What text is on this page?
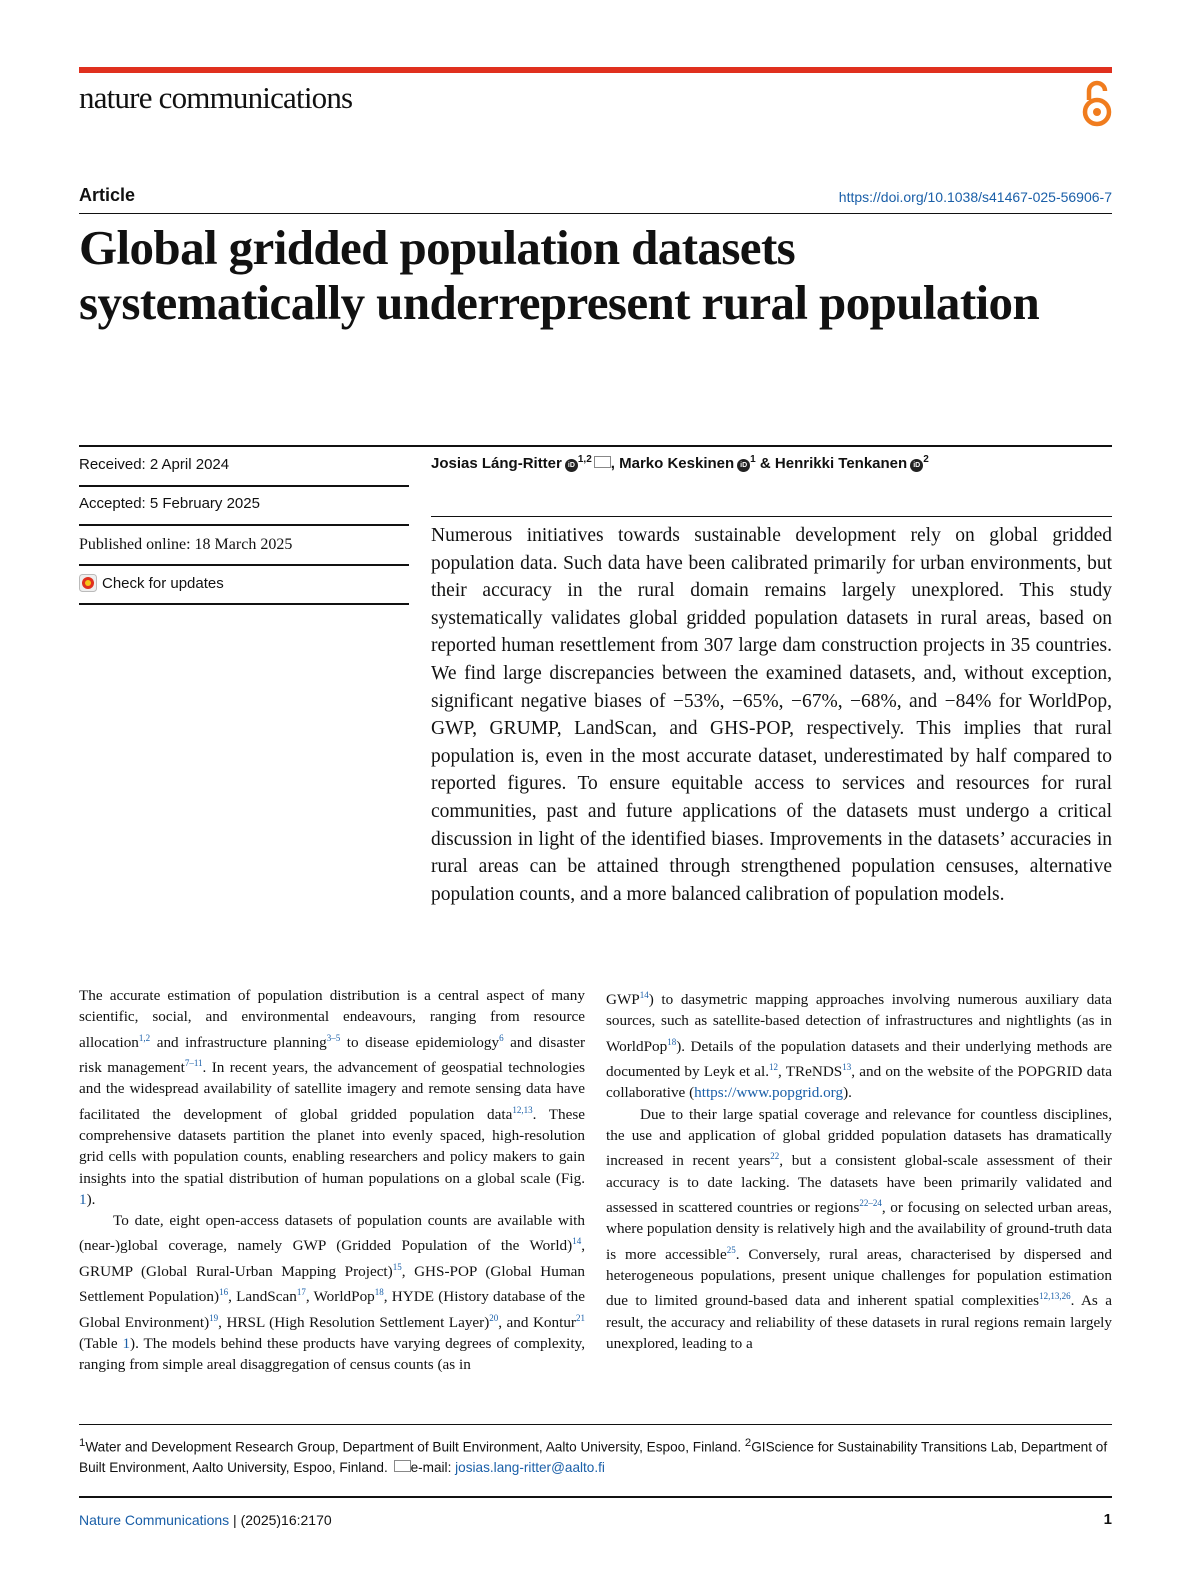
nature communications
Article	https://doi.org/10.1038/s41467-025-56906-7
Global gridded population datasets systematically underrepresent rural population
Received: 2 April 2024
Accepted: 5 February 2025
Published online: 18 March 2025
Check for updates
Josias Láng-Ritter iD$^{1,2}$ , Marko Keskinen $iD^1$ & Henrikki Tenkanen $iD^2$
Numerous initiatives towards sustainable development rely on global gridded population data. Such data have been calibrated primarily for urban environments, but their accuracy in the rural domain remains largely unexplored. This study systematically validates global gridded population datasets in rural areas, based on reported human resettlement from 307 large dam construction projects in 35 countries. We find large discrepancies between the examined datasets, and, without exception, significant negative biases of −53%, −65%, −67%, −68%, and −84% for WorldPop, GWP, GRUMP, LandScan, and GHS-POP, respectively. This implies that rural population is, even in the most accurate dataset, underestimated by half compared to reported figures. To ensure equitable access to services and resources for rural communities, past and future applications of the datasets must undergo a critical discussion in light of the identified biases. Improvements in the datasets’ accuracies in rural areas can be attained through strengthened population censuses, alternative population counts, and a more balanced calibration of population models.

The accurate estimation of population distribution is a central aspect of many scientific, social, and environmental endeavours, ranging from resource allocation$^{1,2}$ and infrastructure planning$^{3-5}$ to disease epidemiology$^6$ and disaster risk management$^{7-11}$. In recent years, the advancement of geospatial technologies and the widespread availability of satellite imagery and remote sensing data have facilitated the development of global gridded population data$^{12,13}$. These comprehensive datasets partition the planet into evenly spaced, high-resolution grid cells with population counts, enabling researchers and policy makers to gain insights into the spatial distribution of human populations on a global scale (Fig. 1).

To date, eight open-access datasets of population counts are available with (near-)global coverage, namely GWP (Gridded Population of the World)$^{14}$, GRUMP (Global Rural-Urban Mapping Project)$^{15}$, GHS-POP (Global Human Settlement Population)$^{16}$, LandScan$^{17}$, WorldPop$^{18}$, HYDE (History database of the Global Environment)$^{19}$, HRSL (High Resolution Settlement Layer)$^{20}$, and Kontur$^{21}$ (Table 1). The models behind these products have varying degrees of complexity, ranging from simple areal disaggregation of census counts (as in

GWP$^{14}$) to dasymetric mapping approaches involving numerous auxiliary data sources, such as satellite-based detection of infrastructures and nightlights (as in WorldPop$^{18}$). Details of the population datasets and their underlying methods are documented by Leyk et al.$^{12}$, TReNDS$^{13}$, and on the website of the POPGRID data collaborative (https://www.popgrid.org).

Due to their large spatial coverage and relevance for countless disciplines, the use and application of global gridded population datasets has dramatically increased in recent years$^{22}$, but a consistent global-scale assessment of their accuracy is to date lacking. The datasets have been primarily validated and assessed in scattered countries or regions$^{22-24}$, or focusing on selected urban areas, where population density is relatively high and the availability of ground-truth data is more accessible$^{25}$. Conversely, rural areas, characterised by dispersed and heterogeneous populations, present unique challenges for population estimation due to limited ground-based data and inherent spatial complexities$^{12,13,26}$. As a result, the accuracy and reliability of these datasets in rural regions remain largely unexplored, leading to a

$^1$Water and Development Research Group, Department of Built Environment, Aalto University, Espoo, Finland. $^2$GIScience for Sustainability Transitions Lab, Department of Built Environment, Aalto University, Espoo, Finland. e-mail: josias.lang-ritter@aalto.fi
Nature Communications | (2025)16:2170	1
